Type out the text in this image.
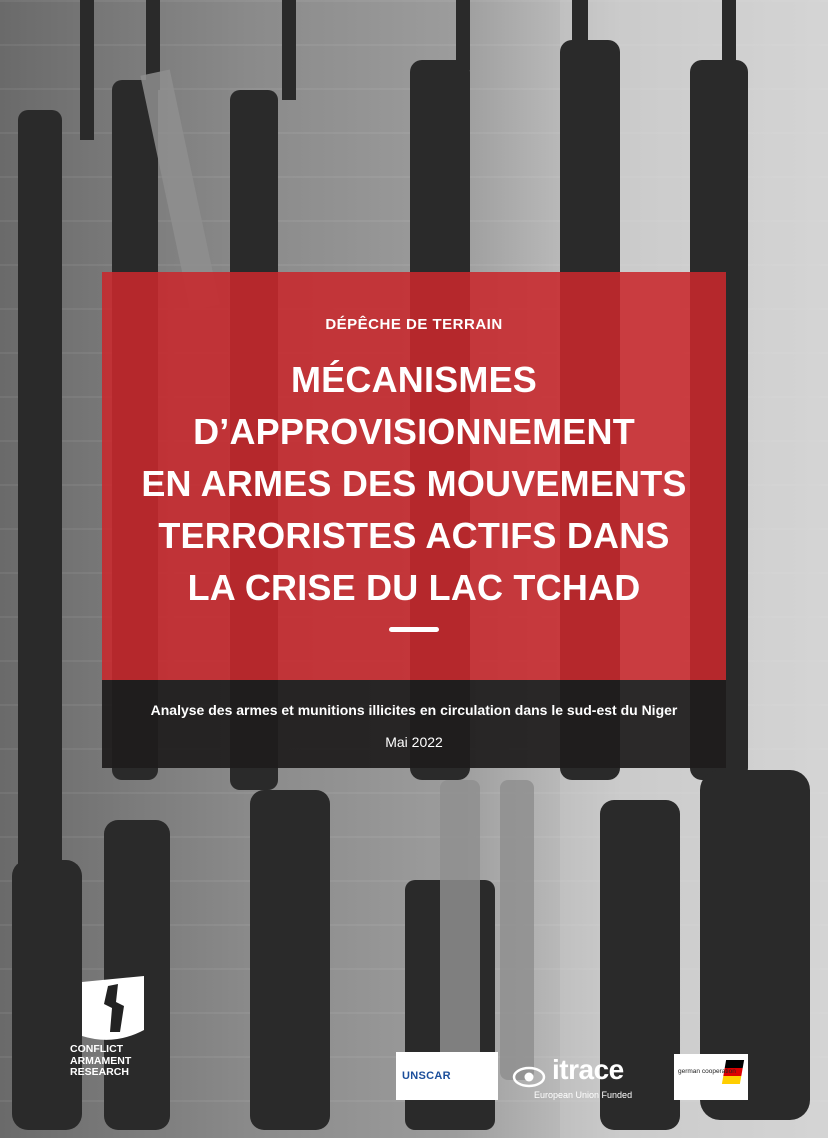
DÉPÊCHE DE TERRAIN
MÉCANISMES
D’APPROVISIONNEMENT
EN ARMES DES MOUVEMENTS
TERRORISTES ACTIFS DANS
LA CRISE DU LAC TCHAD
Analyse des armes et munitions illicites en circulation dans le sud-est du Niger
Mai 2022
CONFLICT
ARMAMENT
RESEARCH	UNSCAR	itrace
European Union Funded
german cooperation
